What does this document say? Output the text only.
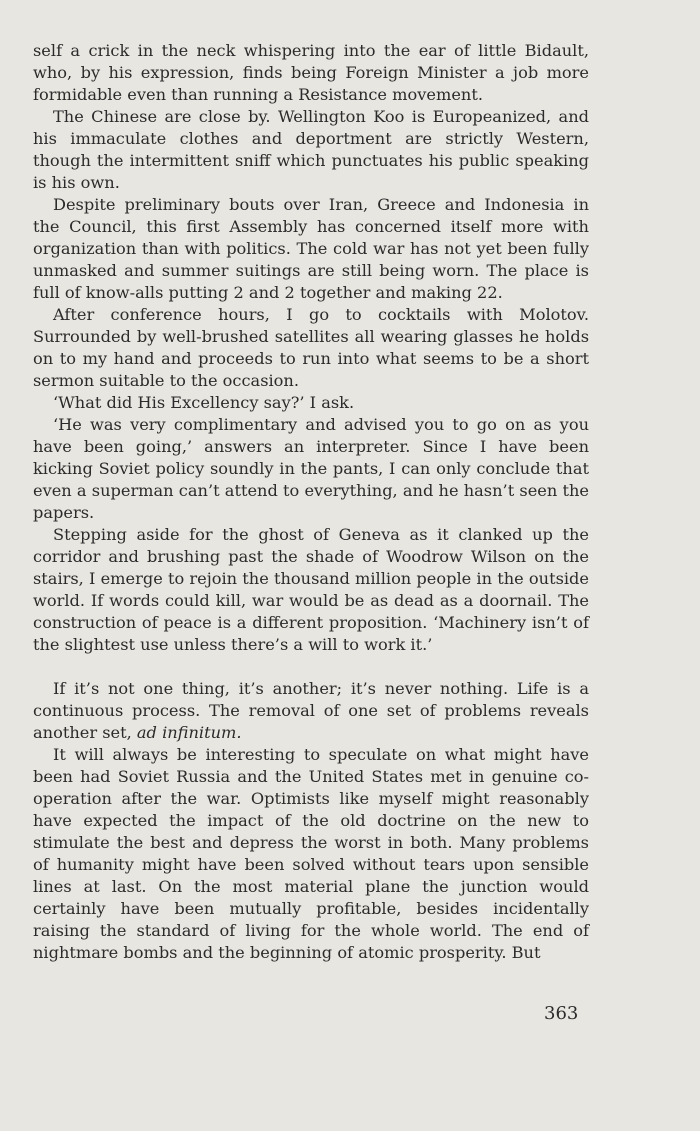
self a crick in the neck whispering into the ear of little Bidault, who, by his expression, finds being Foreign Minister a job more formidable even than running a Resistance movement.

The Chinese are close by. Wellington Koo is Europeanized, and his immaculate clothes and deportment are strictly Western, though the intermittent sniff which punctuates his public speaking is his own.

Despite preliminary bouts over Iran, Greece and Indonesia in the Council, this first Assembly has concerned itself more with organization than with politics. The cold war has not yet been fully unmasked and summer suitings are still being worn. The place is full of know-alls putting 2 and 2 together and making 22.

After conference hours, I go to cocktails with Molotov. Surrounded by well-brushed satellites all wearing glasses he holds on to my hand and proceeds to run into what seems to be a short sermon suitable to the occasion.

‘What did His Excellency say?’ I ask.

‘He was very complimentary and advised you to go on as you have been going,’ answers an interpreter. Since I have been kicking Soviet policy soundly in the pants, I can only conclude that even a superman can’t attend to everything, and he hasn’t seen the papers.

Stepping aside for the ghost of Geneva as it clanked up the corridor and brushing past the shade of Woodrow Wilson on the stairs, I emerge to rejoin the thousand million people in the outside world. If words could kill, war would be as dead as a doornail. The construction of peace is a different proposition. ‘Machinery isn’t of the slightest use unless there’s a will to work it.’

If it’s not one thing, it’s another; it’s never nothing. Life is a continuous process. The removal of one set of problems reveals another set, ad infinitum.

It will always be interesting to speculate on what might have been had Soviet Russia and the United States met in genuine co-operation after the war. Optimists like myself might reasonably have expected the impact of the old doctrine on the new to stimulate the best and depress the worst in both. Many problems of humanity might have been solved without tears upon sensible lines at last. On the most material plane the junction would certainly have been mutually profitable, besides incidentally raising the standard of living for the whole world. The end of nightmare bombs and the beginning of atomic prosperity. But

363
